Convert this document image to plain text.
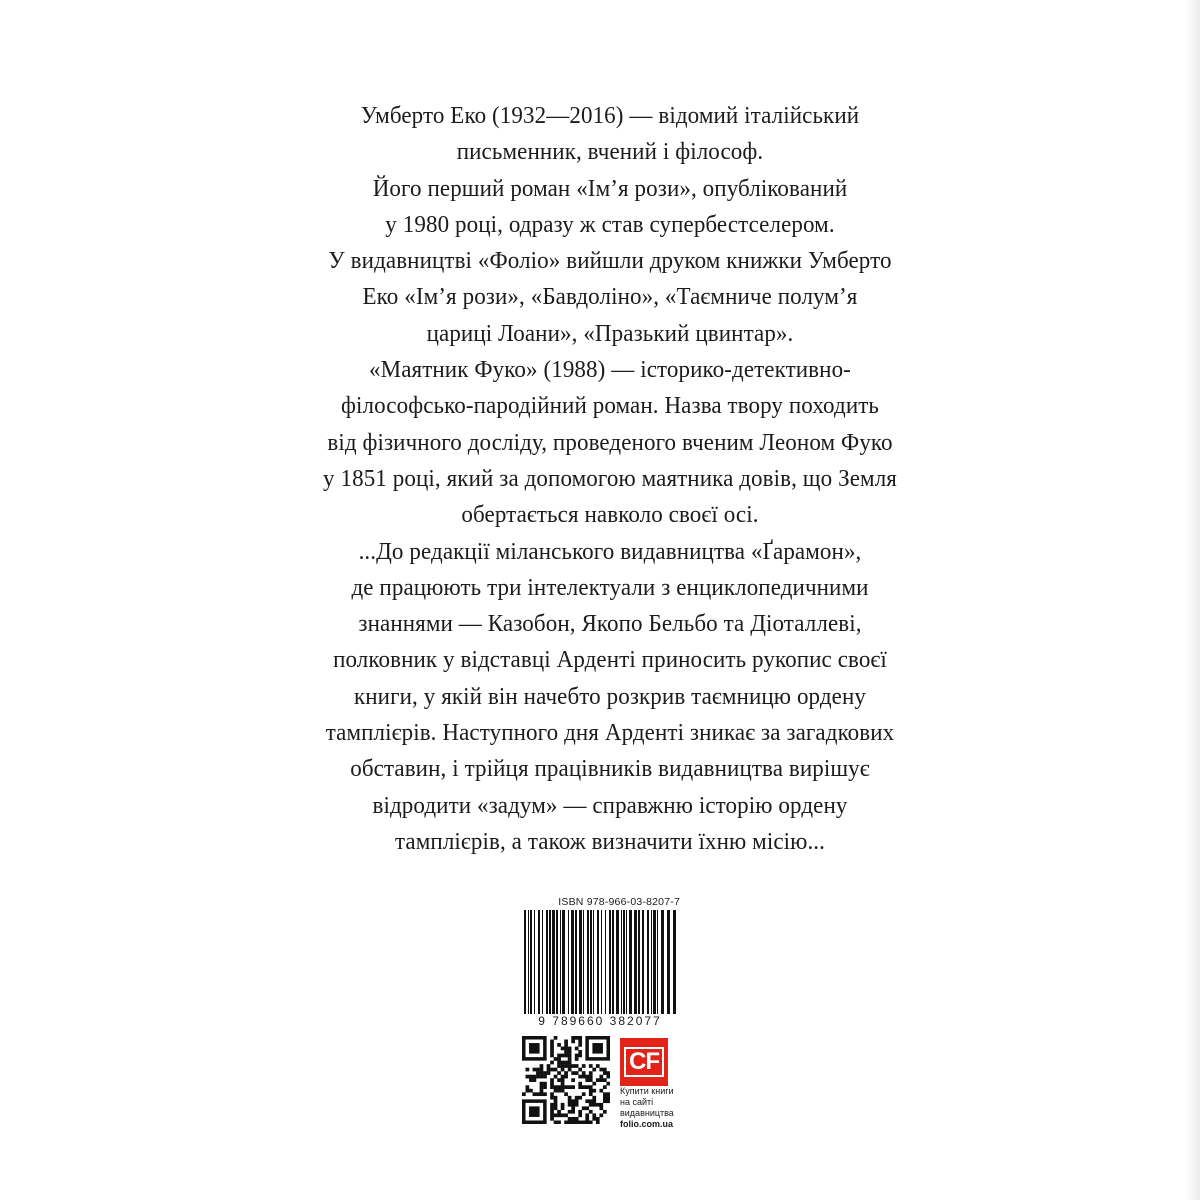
Умберто Еко (1932—2016) — відомий італійський
письменник, вчений і філософ.
Його перший роман «Ім’я рози», опублікований
у 1980 році, одразу ж став супербестселером.
У видавництві «Фоліо» вийшли друком книжки Умберто
Еко «Ім’я рози», «Бавдоліно», «Таємниче полум’я
цариці Лоани», «Празький цвинтар».
«Маятник Фуко» (1988) — історико-детективно-
філософсько-пародійний роман. Назва твору походить
від фізичного досліду, проведеного вченим Леоном Фуко
у 1851 році, який за допомогою маятника довів, що Земля
обертається навколо своєї осі.
...До редакції міланського видавництва «Ґарамон»,
де працюють три інтелектуали з енциклопедичними
знаннями — Казобон, Якопо Бельбо та Діоталлеві,
полковник у відставці Арденті приносить рукопис своєї
книги, у якій він начебто розкрив таємницю ордену
тамплієрів. Наступного дня Арденті зникає за загадкових
обставин, і трійця працівників видавництва вирішує
відродити «задум» — справжню історію ордену
тамплієрів, а також визначити їхню місію...
ISBN 978-966-03-8207-7
9 789660 382077
CF
Купити книги
на сайті
видавництва
folio.com.ua
